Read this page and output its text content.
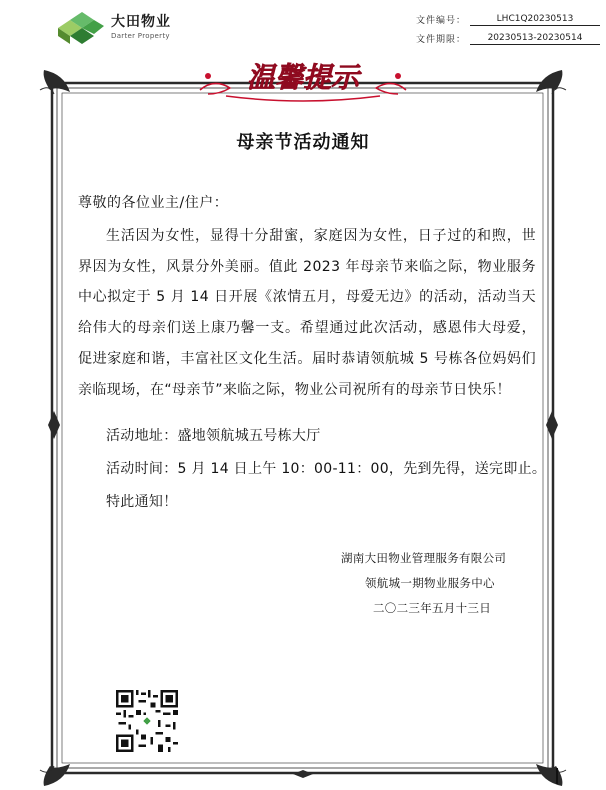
大田物业
Darter Property
文件编号：	LHC1Q20230513
文件期限：	20230513-20230514
温馨提示
母亲节活动通知
尊敬的各位业主/住户：

生活因为女性，显得十分甜蜜，家庭因为女性，日子过的和煦，世界因为女性，风景分外美丽。值此 2023 年母亲节来临之际，物业服务中心拟定于 5 月 14 日开展《浓情五月，母爱无边》的活动，活动当天给伟大的母亲们送上康乃馨一支。希望通过此次活动，感恩伟大母爱，促进家庭和谐，丰富社区文化生活。届时恭请领航城 5 号栋各位妈妈们亲临现场，在“母亲节”来临之际，物业公司祝所有的母亲节日快乐！

活动地址：盛地领航城五号栋大厅
活动时间：5 月 14 日上午 10：00-11：00，先到先得，送完即止。
特此通知！
湖南大田物业管理服务有限公司
领航城一期物业服务中心
二〇二三年五月十三日
